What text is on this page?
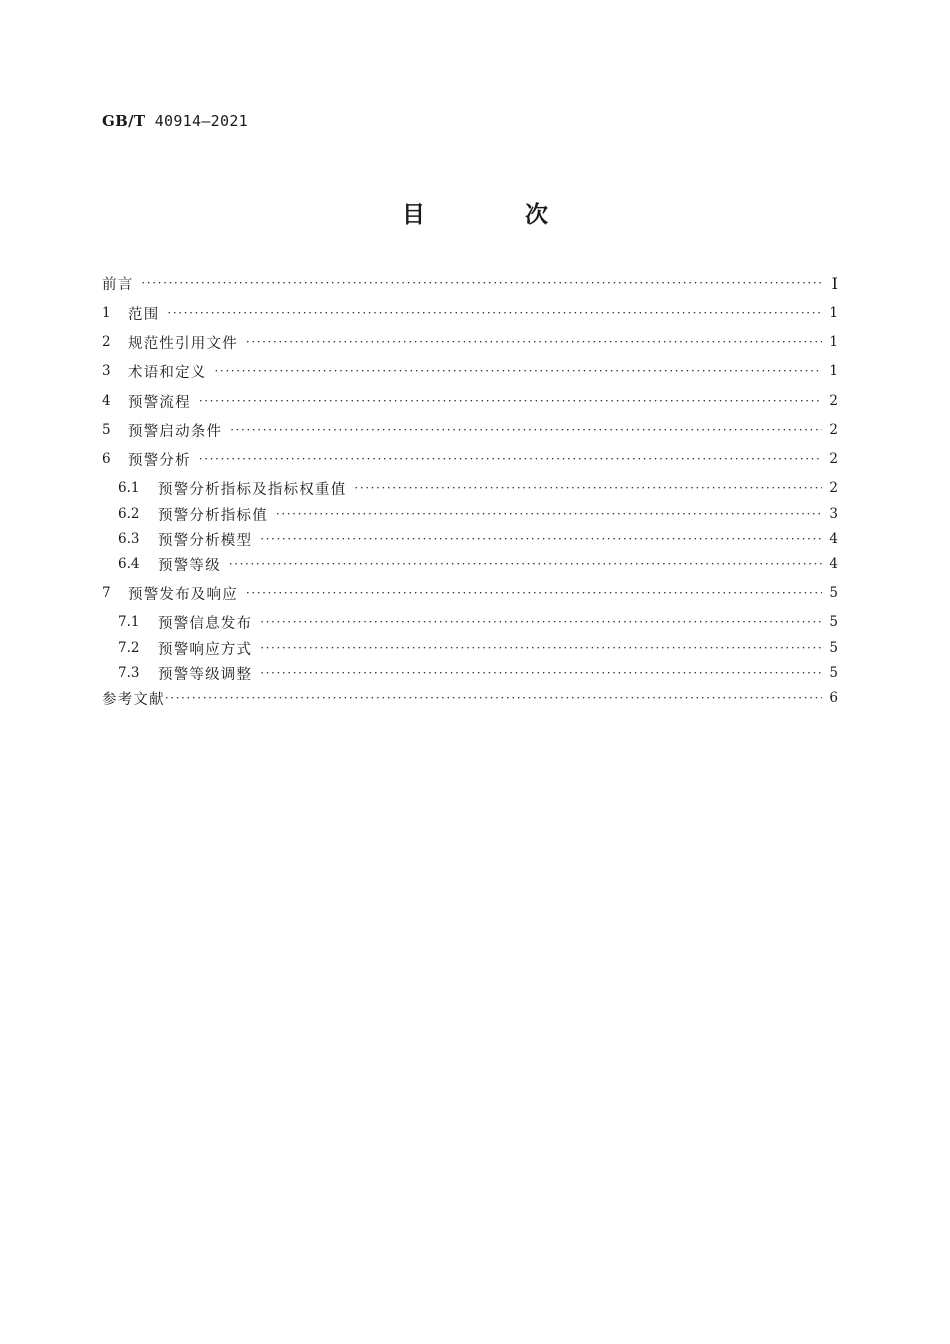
GB/T 40914—2021
目 次
前言 ·····	Ⅰ
1	范围 ·····	1
2	规范性引用文件 ·····	1
3	术语和定义 ·····	1
4	预警流程 ·····	2
5	预警启动条件 ·····	2
6	预警分析 ·····	2
6.1	预警分析指标及指标权重值 ·····	2
6.2	预警分析指标值 ·····	3
6.3	预警分析模型 ·····	4
6.4	预警等级 ·····	4
7	预警发布及响应 ·····	5
7.1	预警信息发布 ·····	5
7.2	预警响应方式 ·····	5
7.3	预警等级调整 ·····	5
参考文献 ·····	6
